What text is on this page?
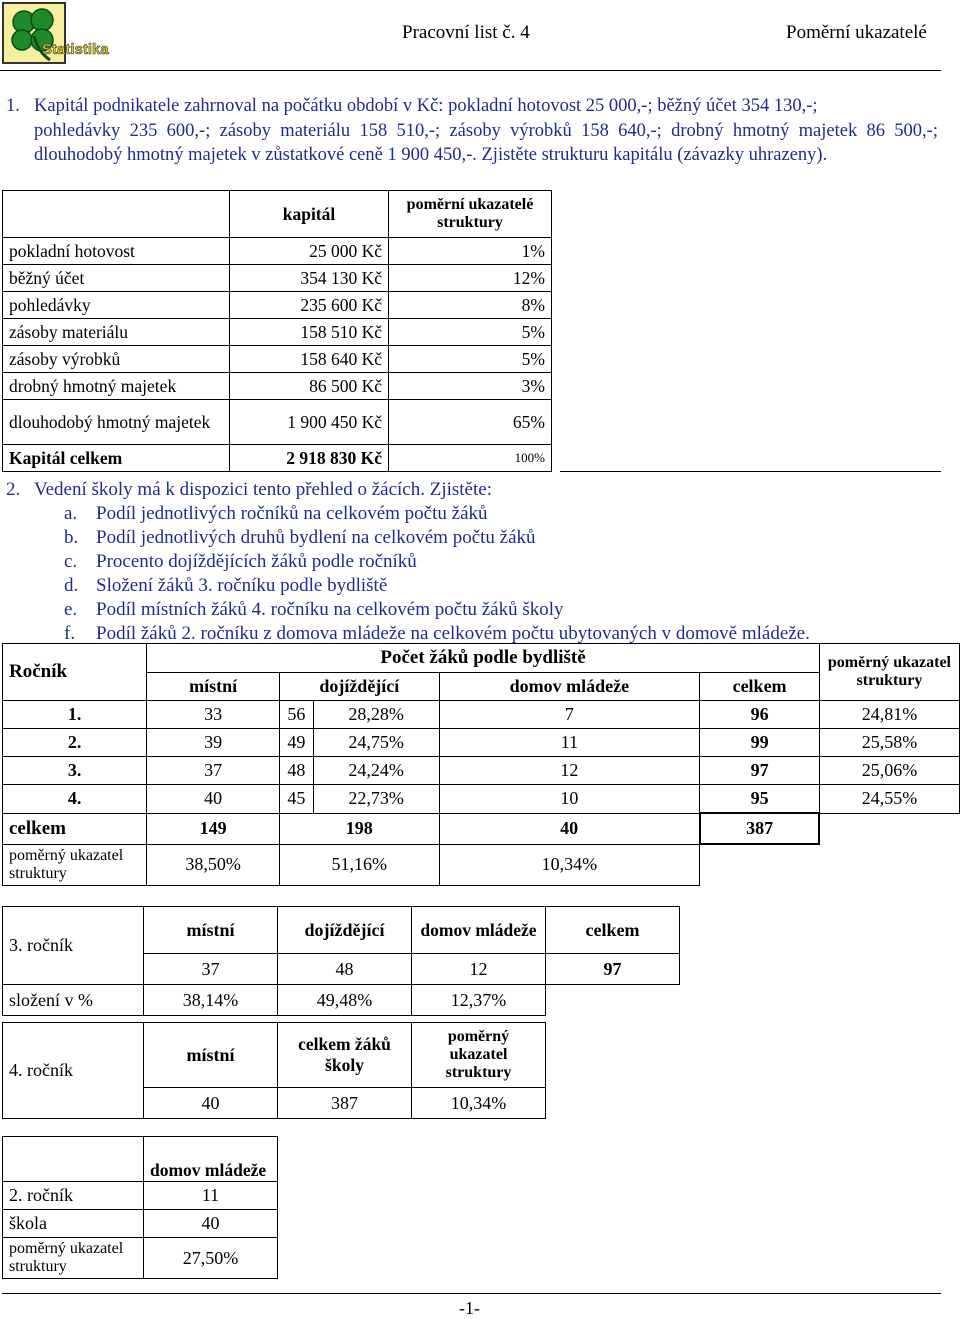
Statistika
Pracovní list č. 4	Poměrní ukazatelé
1. Kapitál podnikatele zahrnoval na počátku období v Kč: pokladní hotovost 25 000,-; běžný účet 354 130,-;
pohledávky 235 600,-; zásoby materiálu 158 510,-; zásoby výrobků 158 640,-; drobný hmotný majetek 86 500,-; dlouhodobý hmotný majetek v zůstatkové ceně 1 900 450,-. Zjistěte strukturu kapitálu (závazky uhrazeny).
	kapitál	poměrní ukazatelé struktury
pokladní hotovost	25 000 Kč	1%
běžný účet	354 130 Kč	12%
pohledávky	235 600 Kč	8%
zásoby materiálu	158 510 Kč	5%
zásoby výrobků	158 640 Kč	5%
drobný hmotný majetek	86 500 Kč	3%
dlouhodobý hmotný majetek	1 900 450 Kč	65%
Kapitál celkem	2 918 830 Kč	100%
2. Vedení školy má k dispozici tento přehled o žácích. Zjistěte:
a. Podíl jednotlivých ročníků na celkovém počtu žáků
b. Podíl jednotlivých druhů bydlení na celkovém počtu žáků
c. Procento dojíždějících žáků podle ročníků
d. Složení žáků 3. ročníku podle bydliště
e. Podíl místních žáků 4. ročníku na celkovém počtu žáků školy
f. Podíl žáků 2. ročníku z domova mládeže na celkovém počtu ubytovaných v domově mládeže.
Ročník	Počet žáků podle bydliště					poměrný ukazatel struktury
	místní	dojíždějící		domov mládeže	celkem	
1.	33	56	28,28%	7	96	24,81%
2.	39	49	24,75%	11	99	25,58%
3.	37	48	24,24%	12	97	25,06%
4.	40	45	22,73%	10	95	24,55%
celkem	149	198		40	387	
poměrný ukazatel struktury	38,50%	51,16%		10,34%		
3. ročník	místní	dojíždějící	domov mládeže	celkem
	37	48	12	97
složení v %	38,14%	49,48%	12,37%	
4. ročník	místní	celkem žáků školy	poměrný ukazatel struktury
	40	387	10,34%
	domov mládeže
2. ročník	11
škola	40
poměrný ukazatel struktury	27,50%
-1-
